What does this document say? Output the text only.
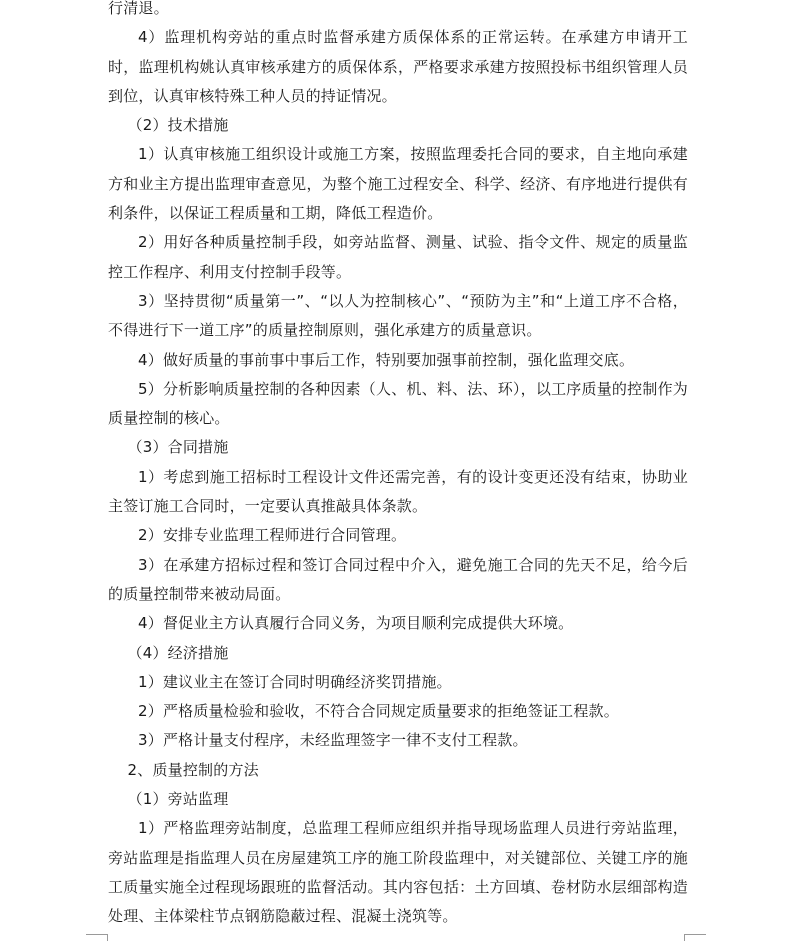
行清退。

4）监理机构旁站的重点时监督承建方质保体系的正常运转。在承建方申请开工时，监理机构姚认真审核承建方的质保体系，严格要求承建方按照投标书组织管理人员到位，认真审核特殊工种人员的持证情况。

（2）技术措施

1）认真审核施工组织设计或施工方案，按照监理委托合同的要求，自主地向承建方和业主方提出监理审查意见，为整个施工过程安全、科学、经济、有序地进行提供有利条件，以保证工程质量和工期，降低工程造价。

2）用好各种质量控制手段，如旁站监督、测量、试验、指令文件、规定的质量监控工作程序、利用支付控制手段等。

3）坚持贯彻“质量第一”、“以人为控制核心”、“预防为主”和“上道工序不合格，不得进行下一道工序”的质量控制原则，强化承建方的质量意识。

4）做好质量的事前事中事后工作，特别要加强事前控制，强化监理交底。

5）分析影响质量控制的各种因素（人、机、料、法、环），以工序质量的控制作为质量控制的核心。

（3）合同措施

1）考虑到施工招标时工程设计文件还需完善，有的设计变更还没有结束，协助业主签订施工合同时，一定要认真推敲具体条款。

2）安排专业监理工程师进行合同管理。

3）在承建方招标过程和签订合同过程中介入，避免施工合同的先天不足，给今后的质量控制带来被动局面。

4）督促业主方认真履行合同义务，为项目顺利完成提供大环境。

（4）经济措施

1）建议业主在签订合同时明确经济奖罚措施。

2）严格质量检验和验收，不符合合同规定质量要求的拒绝签证工程款。

3）严格计量支付程序，未经监理签字一律不支付工程款。

2、质量控制的方法

（1）旁站监理

1）严格监理旁站制度，总监理工程师应组织并指导现场监理人员进行旁站监理，旁站监理是指监理人员在房屋建筑工序的施工阶段监理中，对关键部位、关键工序的施工质量实施全过程现场跟班的监督活动。其内容包括：土方回填、卷材防水层细部构造处理、主体梁柱节点钢筋隐蔽过程、混凝土浇筑等。
